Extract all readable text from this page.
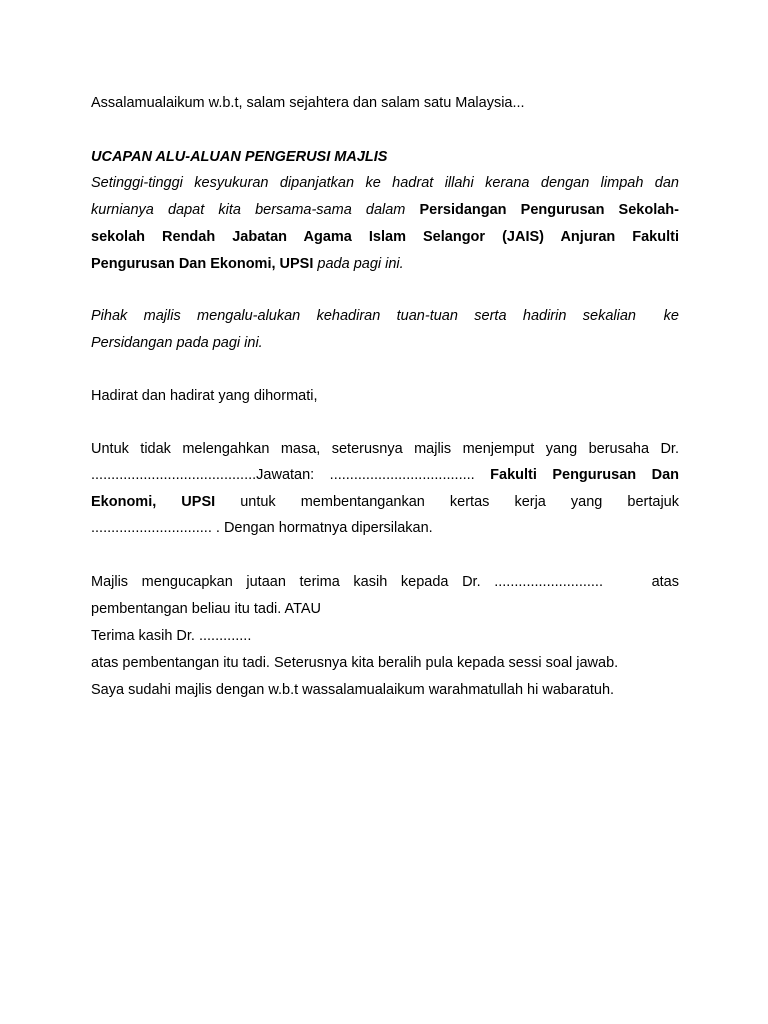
Assalamualaikum w.b.t, salam sejahtera dan salam satu Malaysia...
UCAPAN ALU-ALUAN PENGERUSI MAJLIS
Setinggi-tinggi kesyukuran dipanjatkan ke hadrat illahi kerana dengan limpah dan
kurnianya dapat kita bersama-sama dalam Persidangan Pengurusan Sekolah-
sekolah Rendah Jabatan Agama Islam Selangor (JAIS) Anjuran Fakulti
Pengurusan Dan Ekonomi, UPSI pada pagi ini.
Pihak majlis mengalu-alukan kehadiran tuan-tuan serta hadirin sekalian ke
Persidangan pada pagi ini.
Hadirat dan hadirat yang dihormati,
Untuk tidak melengahkan masa, seterusnya majlis menjemput yang berusaha Dr.
.........................................Jawatan: .................................... Fakulti Pengurusan Dan
Ekonomi, UPSI untuk membentangankan kertas kerja yang bertajuk
.............................. . Dengan hormatnya dipersilakan.
Majlis mengucapkan jutaan terima kasih kepada Dr. ...........................	atas
pembentangan beliau itu tadi. ATAU
Terima kasih Dr. .............
atas pembentangan itu tadi. Seterusnya kita beralih pula kepada sessi soal jawab.
Saya sudahi majlis dengan w.b.t wassalamualaikum warahmatullah hi wabaratuh.
